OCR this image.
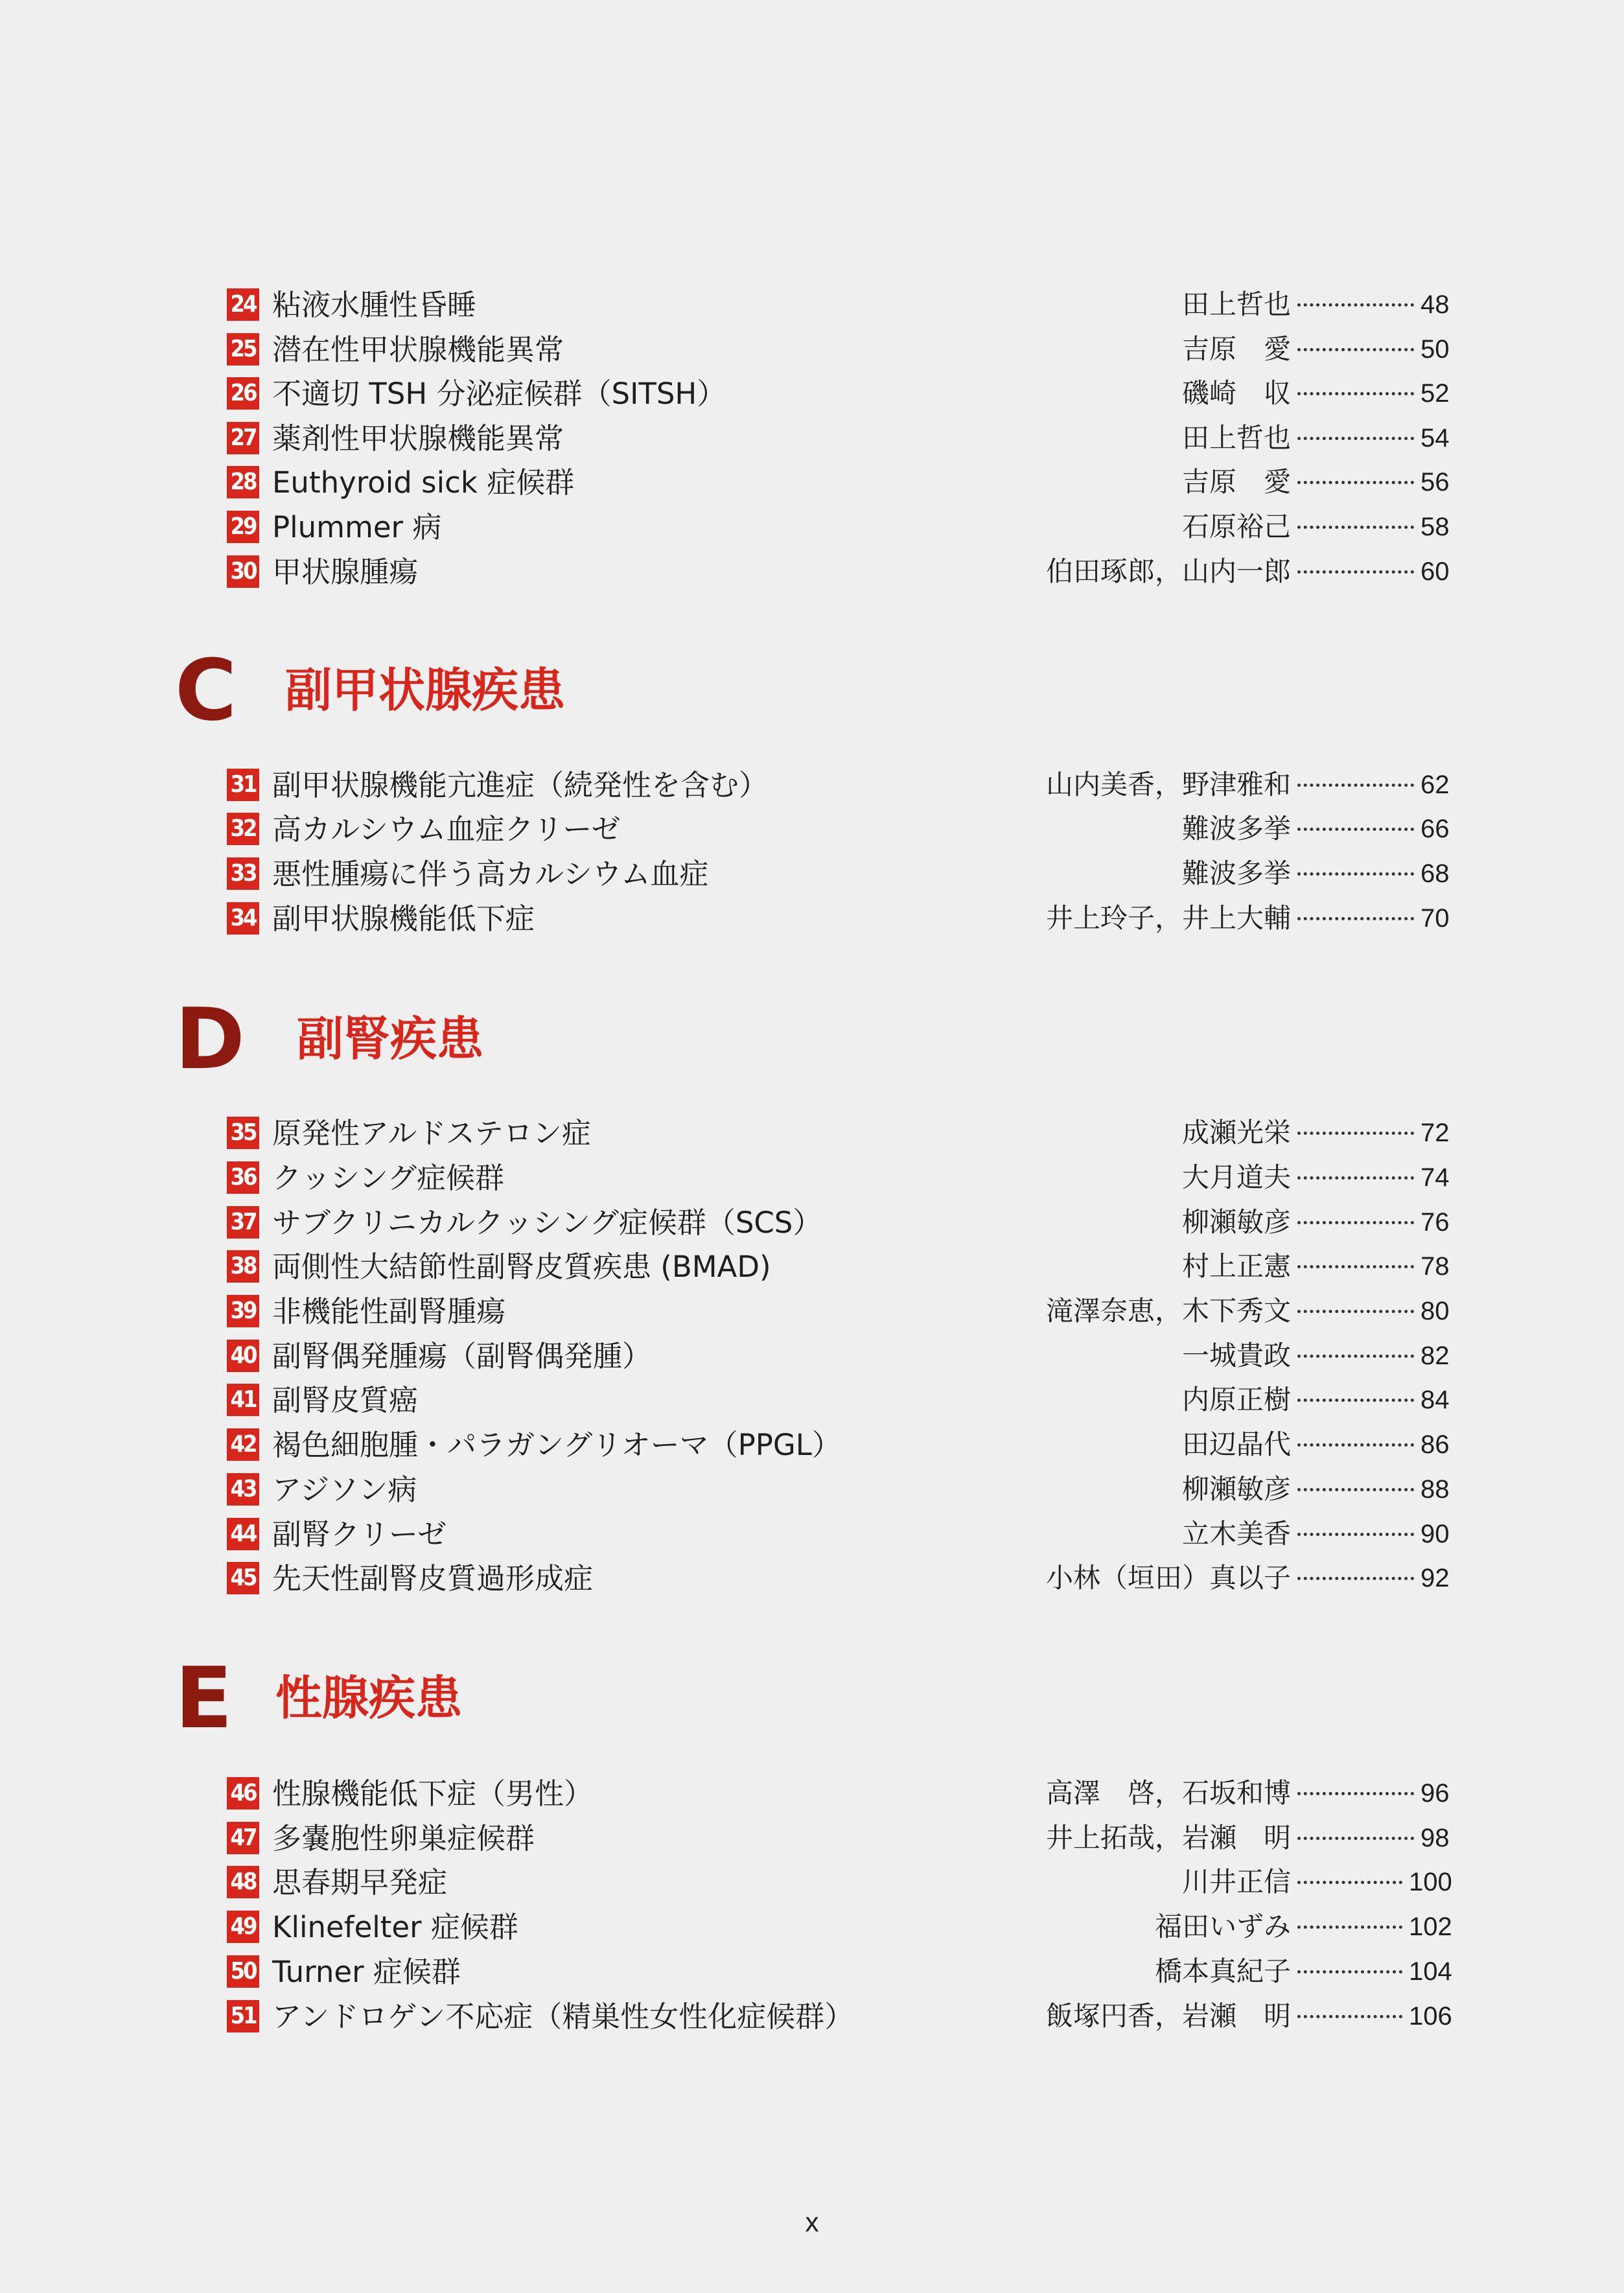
C	副甲状腺疾患
D	副腎疾患
E 性腺疾患
24 粘液水腫性昏睡	田上哲也	48
25 潜在性甲状腺機能異常	吉原　愛	50
26 不適切 TSH 分泌症候群（SITSH）	磯崎　収	52
27 薬剤性甲状腺機能異常	田上哲也	54
28 Euthyroid sick 症候群	吉原　愛	56
29 Plummer 病	石原裕己	58
30 甲状腺腫瘍	伯田琢郎，山内一郎	60
31 副甲状腺機能亢進症（続発性を含む）	山内美香，野津雅和	62
32 高カルシウム血症クリーゼ	難波多挙	66
33 悪性腫瘍に伴う高カルシウム血症	難波多挙	68
34 副甲状腺機能低下症	井上玲子，井上大輔	70
35 原発性アルドステロン症	成瀬光栄	72
36 クッシング症候群	大月道夫	74
37 サブクリニカルクッシング症候群（SCS）	柳瀬敏彦	76
38 両側性大結節性副腎皮質疾患 (BMAD)	村上正憲	78
39 非機能性副腎腫瘍	滝澤奈恵，木下秀文	80
40 副腎偶発腫瘍（副腎偶発腫）	一城貴政	82
41 副腎皮質癌	内原正樹	84
42 褐色細胞腫・パラガングリオーマ（PPGL）	田辺晶代	86
43 アジソン病	柳瀬敏彦	88
44 副腎クリーゼ	立木美香	90
45 先天性副腎皮質過形成症	小林（垣田）真以子	92
46 性腺機能低下症（男性）	高澤　啓，石坂和博	96
47 多嚢胞性卵巣症候群	井上拓哉，岩瀬　明	98
48 思春期早発症	川井正信	100
49 Klinefelter 症候群	福田いずみ	102
50 Turner 症候群	橋本真紀子	104
51 アンドロゲン不応症（精巣性女性化症候群）	飯塚円香，岩瀬　明	106
x
